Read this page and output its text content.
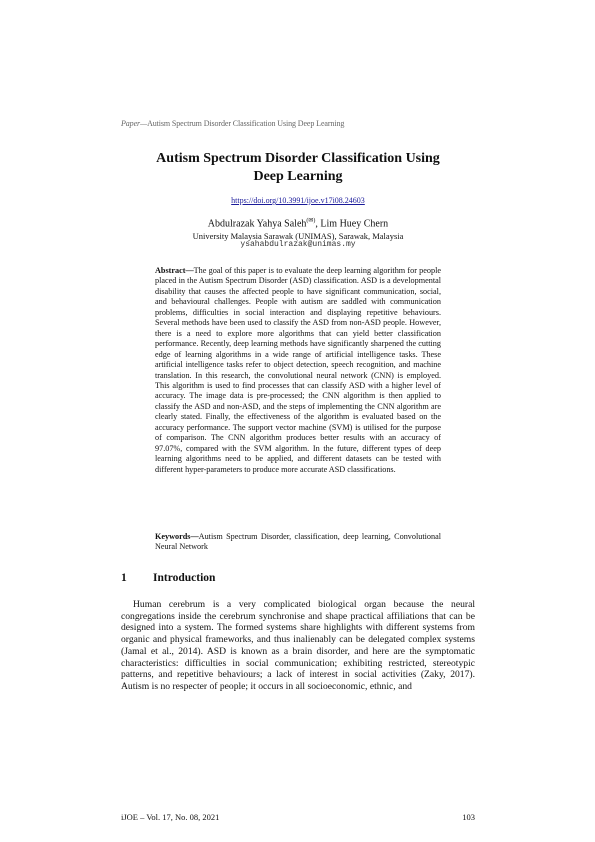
Paper—Autism Spectrum Disorder Classification Using Deep Learning
Autism Spectrum Disorder Classification Using
Deep Learning
https://doi.org/10.3991/ijoe.v17i08.24603
Abdulrazak Yahya Saleh(✉), Lim Huey Chern
University Malaysia Sarawak (UNIMAS), Sarawak, Malaysia
ysahabdulrazak@unimas.my
Abstract—The goal of this paper is to evaluate the deep learning algorithm for people placed in the Autism Spectrum Disorder (ASD) classification. ASD is a developmental disability that causes the affected people to have significant communication, social, and behavioural challenges. People with autism are saddled with communication problems, difficulties in social interaction and displaying repetitive behaviours. Several methods have been used to classify the ASD from non-ASD people. However, there is a need to explore more algorithms that can yield better classification performance. Recently, deep learning methods have significantly sharpened the cutting edge of learning algorithms in a wide range of artificial intelligence tasks. These artificial intelligence tasks refer to object detection, speech recognition, and machine translation. In this research, the convolutional neural network (CNN) is employed. This algorithm is used to find processes that can classify ASD with a higher level of accuracy. The image data is pre-processed; the CNN algorithm is then applied to classify the ASD and non-ASD, and the steps of implementing the CNN algorithm are clearly stated. Finally, the effectiveness of the algorithm is evaluated based on the accuracy performance. The support vector machine (SVM) is utilised for the purpose of comparison. The CNN algorithm produces better results with an accuracy of 97.07%, compared with the SVM algorithm. In the future, different types of deep learning algorithms need to be applied, and different datasets can be tested with different hyper-parameters to produce more accurate ASD classifications.
Keywords—Autism Spectrum Disorder, classification, deep learning, Convolutional Neural Network
1 Introduction
Human cerebrum is a very complicated biological organ because the neural congregations inside the cerebrum synchronise and shape practical affiliations that can be designed into a system. The formed systems share highlights with different systems from organic and physical frameworks, and thus inalienably can be delegated complex systems (Jamal et al., 2014). ASD is known as a brain disorder, and here are the symptomatic characteristics: difficulties in social communication; exhibiting restricted, stereotypic patterns, and repetitive behaviours; a lack of interest in social activities (Zaky, 2017). Autism is no respecter of people; it occurs in all socioeconomic, ethnic, and
iJOE ‒ Vol. 17, No. 08, 2021	103
